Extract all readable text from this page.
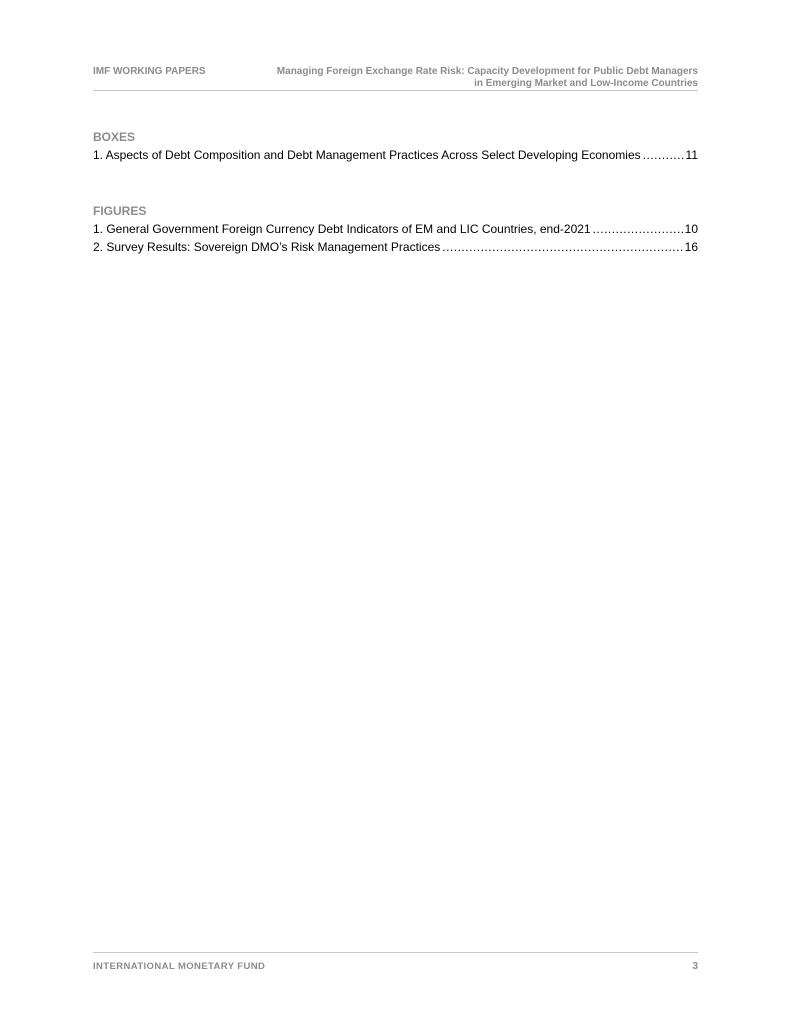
IMF WORKING PAPERS	Managing Foreign Exchange Rate Risk: Capacity Development for Public Debt Managers
in Emerging Market and Low-Income Countries
BOXES
1. Aspects of Debt Composition and Debt Management Practices Across Select Developing Economies .....	11
FIGURES
1. General Government Foreign Currency Debt Indicators of EM and LIC Countries, end-2021 .....	10
2. Survey Results: Sovereign DMO’s Risk Management Practices .....	16
INTERNATIONAL MONETARY FUND	3
